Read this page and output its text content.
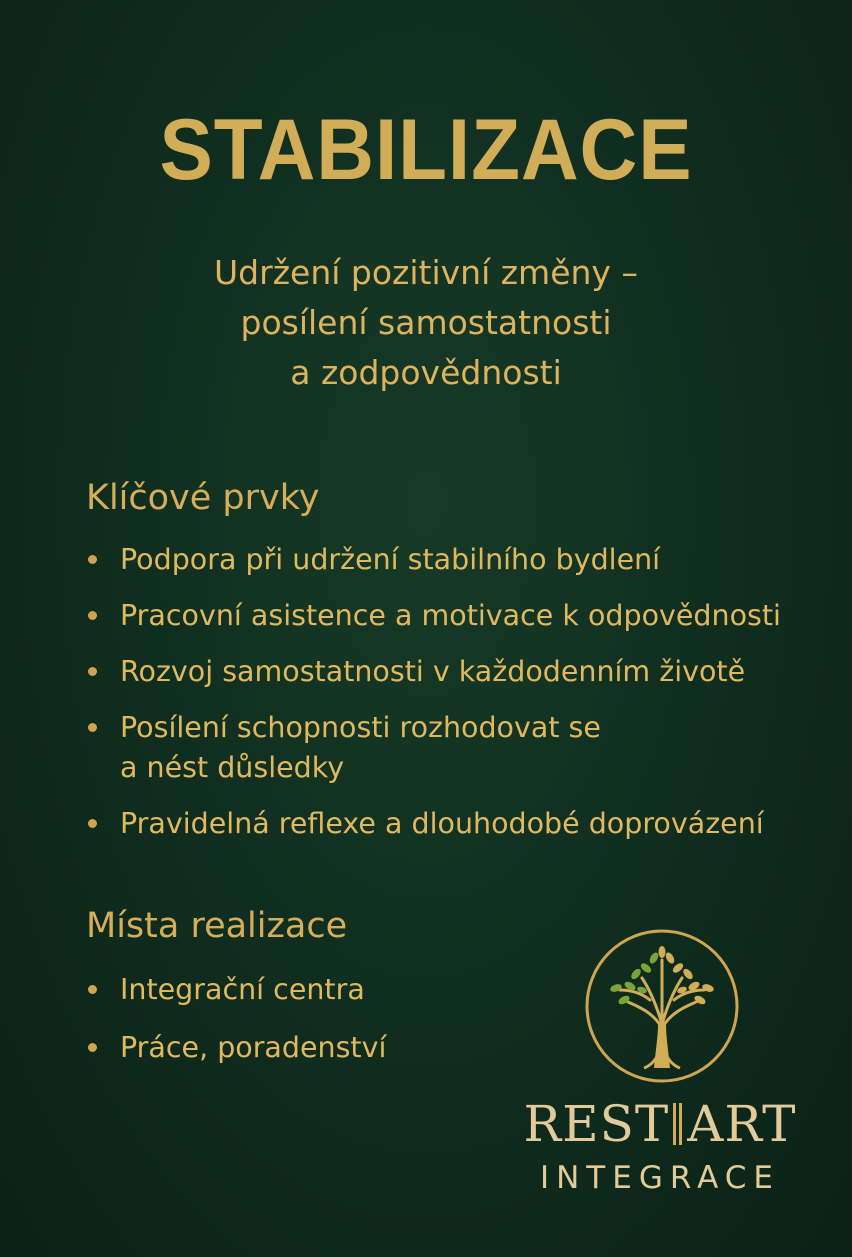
STABILIZACE
Udržení pozitivní změny –
posílení samostatnosti
a zodpovědnosti
Klíčové prvky
Podpora při udržení stabilního bydlení
Pracovní asistence a motivace k odpovědnosti
Rozvoj samostatnosti v každodenním životě
Posílení schopnosti rozhodovat se
a nést důsledky
Pravidelná reflexe a dlouhodobé doprovázení
Místa realizace
Integrační centra
Práce, poradenství
REST ART
INTEGRACE
